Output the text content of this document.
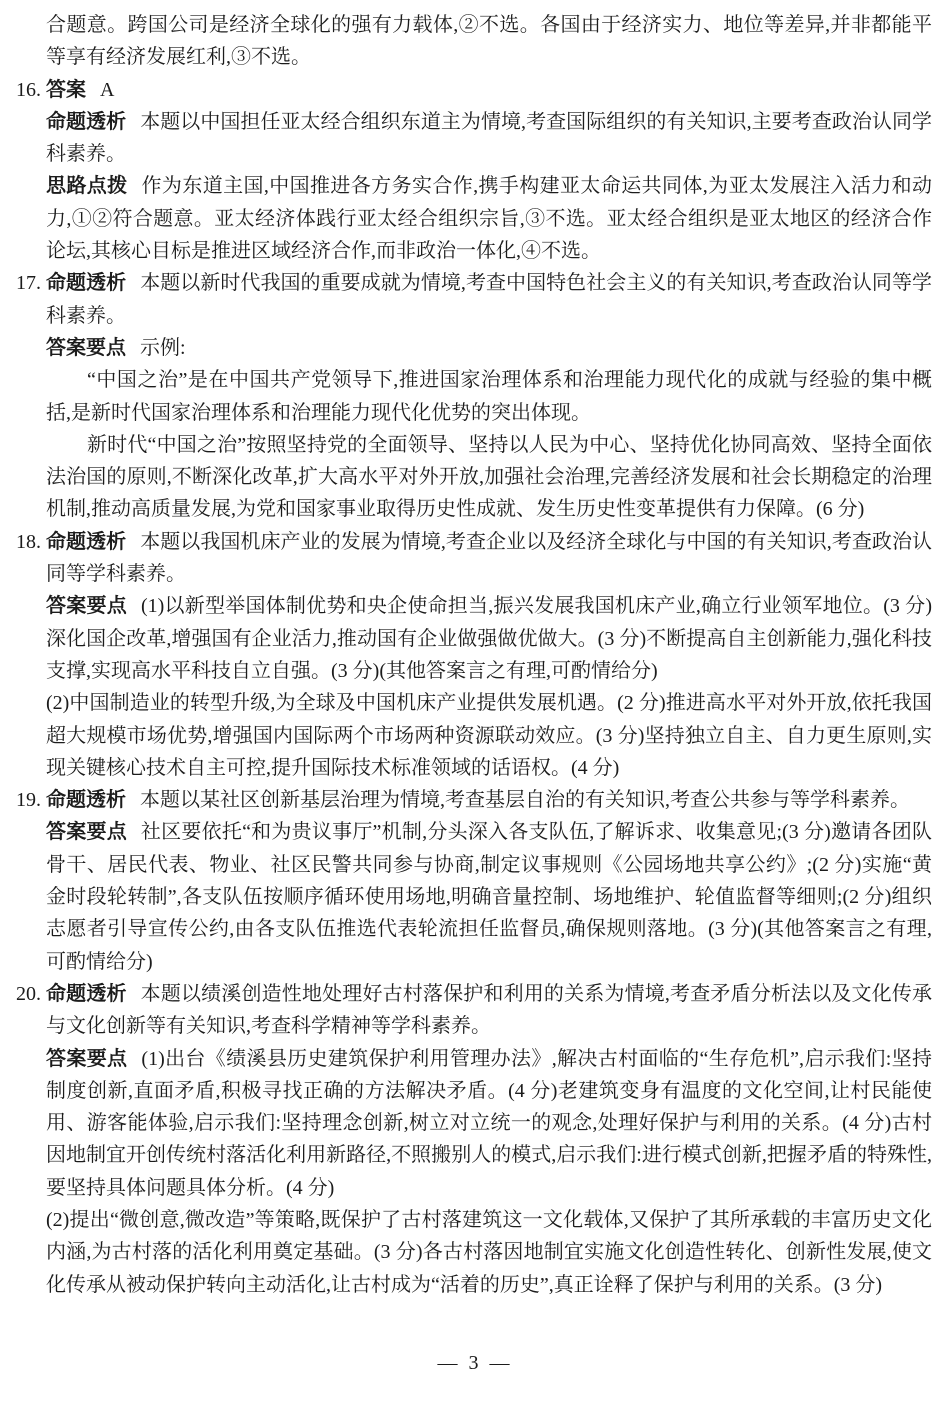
合题意。跨国公司是经济全球化的强有力载体,②不选。各国由于经济实力、地位等差异,并非都能平等享有经济发展红利,③不选。

16. 答案 A

命题透析 本题以中国担任亚太经合组织东道主为情境,考查国际组织的有关知识,主要考查政治认同学科素养。

思路点拨 作为东道主国,中国推进各方务实合作,携手构建亚太命运共同体,为亚太发展注入活力和动力,①②符合题意。亚太经济体践行亚太经合组织宗旨,③不选。亚太经合组织是亚太地区的经济合作论坛,其核心目标是推进区域经济合作,而非政治一体化,④不选。

17. 命题透析 本题以新时代我国的重要成就为情境,考查中国特色社会主义的有关知识,考查政治认同等学科素养。

答案要点 示例:

“中国之治”是在中国共产党领导下,推进国家治理体系和治理能力现代化的成就与经验的集中概括,是新时代国家治理体系和治理能力现代化优势的突出体现。

新时代“中国之治”按照坚持党的全面领导、坚持以人民为中心、坚持优化协同高效、坚持全面依法治国的原则,不断深化改革,扩大高水平对外开放,加强社会治理,完善经济发展和社会长期稳定的治理机制,推动高质量发展,为党和国家事业取得历史性成就、发生历史性变革提供有力保障。(6 分)

18. 命题透析 本题以我国机床产业的发展为情境,考查企业以及经济全球化与中国的有关知识,考查政治认同等学科素养。

答案要点 (1)以新型举国体制优势和央企使命担当,振兴发展我国机床产业,确立行业领军地位。(3 分)深化国企改革,增强国有企业活力,推动国有企业做强做优做大。(3 分)不断提高自主创新能力,强化科技支撑,实现高水平科技自立自强。(3 分)(其他答案言之有理,可酌情给分)

(2)中国制造业的转型升级,为全球及中国机床产业提供发展机遇。(2 分)推进高水平对外开放,依托我国超大规模市场优势,增强国内国际两个市场两种资源联动效应。(3 分)坚持独立自主、自力更生原则,实现关键核心技术自主可控,提升国际技术标准领域的话语权。(4 分)

19. 命题透析 本题以某社区创新基层治理为情境,考查基层自治的有关知识,考查公共参与等学科素养。

答案要点 社区要依托“和为贵议事厅”机制,分头深入各支队伍,了解诉求、收集意见;(3 分)邀请各团队骨干、居民代表、物业、社区民警共同参与协商,制定议事规则《公园场地共享公约》;(2 分)实施“黄金时段轮转制”,各支队伍按顺序循环使用场地,明确音量控制、场地维护、轮值监督等细则;(2 分)组织志愿者引导宣传公约,由各支队伍推选代表轮流担任监督员,确保规则落地。(3 分)(其他答案言之有理,可酌情给分)

20. 命题透析 本题以绩溪创造性地处理好古村落保护和利用的关系为情境,考查矛盾分析法以及文化传承与文化创新等有关知识,考查科学精神等学科素养。

答案要点 (1)出台《绩溪县历史建筑保护利用管理办法》,解决古村面临的“生存危机”,启示我们:坚持制度创新,直面矛盾,积极寻找正确的方法解决矛盾。(4 分)老建筑变身有温度的文化空间,让村民能使用、游客能体验,启示我们:坚持理念创新,树立对立统一的观念,处理好保护与利用的关系。(4 分)古村因地制宜开创传统村落活化利用新路径,不照搬别人的模式,启示我们:进行模式创新,把握矛盾的特殊性,要坚持具体问题具体分析。(4 分)

(2)提出“微创意,微改造”等策略,既保护了古村落建筑这一文化载体,又保护了其所承载的丰富历史文化内涵,为古村落的活化利用奠定基础。(3 分)各古村落因地制宜实施文化创造性转化、创新性发展,使文化传承从被动保护转向主动活化,让古村成为“活着的历史”,真正诠释了保护与利用的关系。(3 分)

— 3 —
